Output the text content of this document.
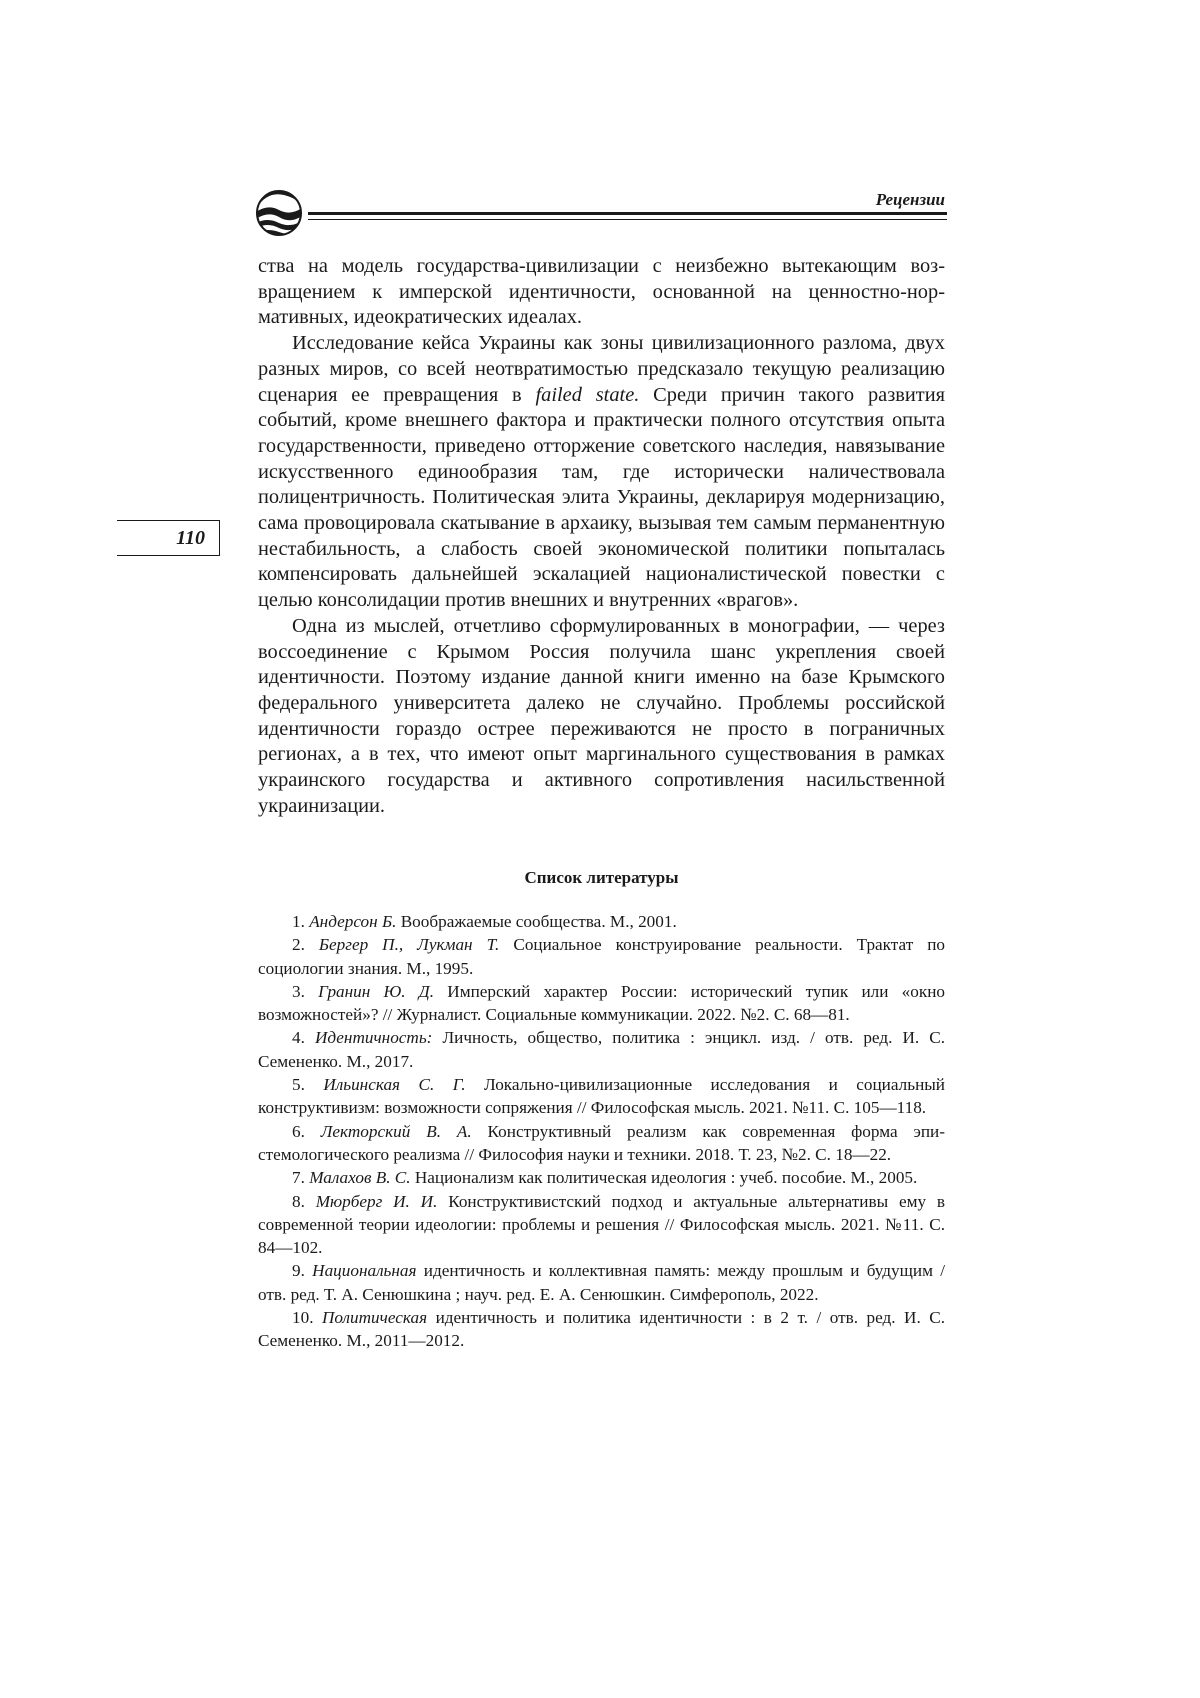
Рецензии
110

ства на модель государства-цивилизации с неизбежно вытекающим возвращением к имперской идентичности, основанной на ценностно-нормативных, идеократических идеалах.

Исследование кейса Украины как зоны цивилизационного разлома, двух разных миров, со всей неотвратимостью предсказало текущую реализацию сценария ее превращения в failed state. Среди причин такого развития событий, кроме внешнего фактора и практически полного отсутствия опыта государственности, приведено отторжение советского наследия, навязывание искусственного единообразия там, где исторически наличествовала полицентричность. Политическая элита Украины, декларируя модернизацию, сама провоцировала скатывание в архаику, вызывая тем самым перманентную нестабильность, а слабость своей экономической политики попыталась компенсировать дальнейшей эскалацией националистической повестки с целью консолидации против внешних и внутренних «врагов».

Одна из мыслей, отчетливо сформулированных в монографии, — через воссоединение с Крымом Россия получила шанс укрепления своей идентичности. Поэтому издание данной книги именно на базе Крымского федерального университета далеко не случайно. Проблемы российской идентичности гораздо острее переживаются не просто в пограничных регионах, а в тех, что имеют опыт маргинального существования в рамках украинского государства и активного сопротивления насильственной украинизации.

Список литературы

1. Андерсон Б. Воображаемые сообщества. М., 2001.

2. Бергер П., Лукман Т. Социальное конструирование реальности. Трактат по социологии знания. М., 1995.

3. Гранин Ю. Д. Имперский характер России: исторический тупик или «окно возможностей»? // Журналист. Социальные коммуникации. 2022. №2. С. 68—81.

4. Идентичность: Личность, общество, политика : энцикл. изд. / отв. ред. И. С. Семененко. М., 2017.

5. Ильинская С. Г. Локально-цивилизационные исследования и социальный конструктивизм: возможности сопряжения // Философская мысль. 2021. №11. С. 105—118.

6. Лекторский В. А. Конструктивный реализм как современная форма эпистемологического реализма // Философия науки и техники. 2018. Т. 23, №2. С. 18—22.

7. Малахов В. С. Национализм как политическая идеология : учеб. пособие. М., 2005.

8. Мюрберг И. И. Конструктивистский подход и актуальные альтернативы ему в современной теории идеологии: проблемы и решения // Философская мысль. 2021. №11. С. 84—102.

9. Национальная идентичность и коллективная память: между прошлым и будущим / отв. ред. Т. А. Сенюшкина ; науч. ред. Е. А. Сенюшкин. Симферополь, 2022.

10. Политическая идентичность и политика идентичности : в 2 т. / отв. ред. И. С. Семененко. М., 2011—2012.
